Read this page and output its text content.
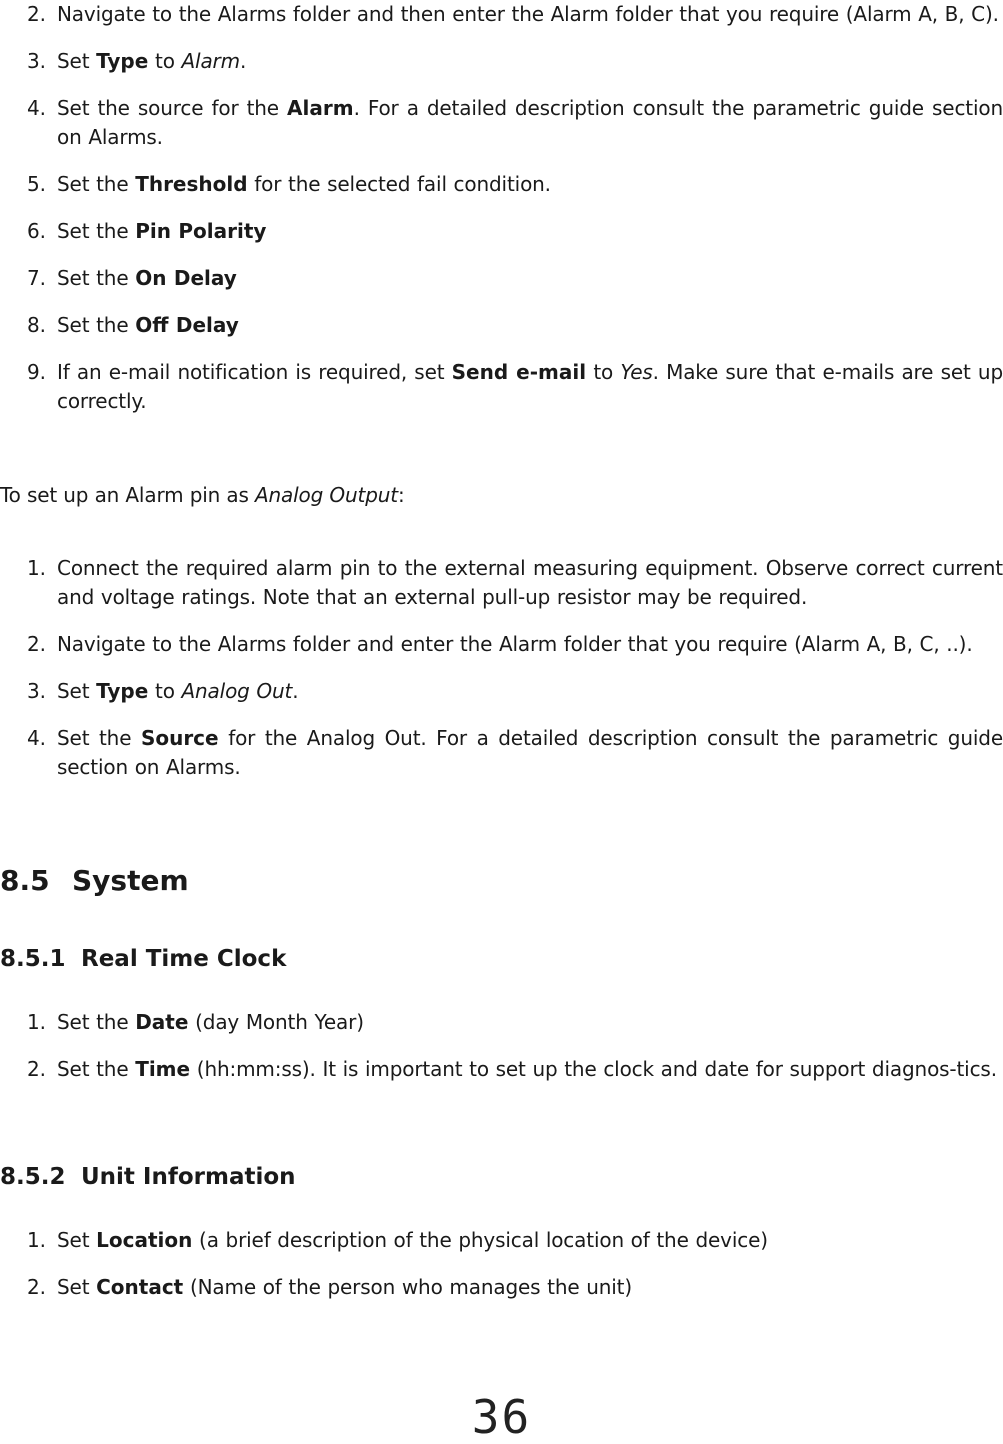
2. Navigate to the Alarms folder and then enter the Alarm folder that you require (Alarm A, B, C).
3. Set Type to Alarm.
4. Set the source for the Alarm. For a detailed description consult the parametric guide section on Alarms.
5. Set the Threshold for the selected fail condition.
6. Set the Pin Polarity
7. Set the On Delay
8. Set the Off Delay
9. If an e-mail notification is required, set Send e-mail to Yes. Make sure that e-mails are set up correctly.
To set up an Alarm pin as Analog Output:
1. Connect the required alarm pin to the external measuring equipment. Observe correct current and voltage ratings. Note that an external pull-up resistor may be required.
2. Navigate to the Alarms folder and enter the Alarm folder that you require (Alarm A, B, C, ..).
3. Set Type to Analog Out.
4. Set the Source for the Analog Out. For a detailed description consult the parametric guide section on Alarms.
8.5 System
8.5.1 Real Time Clock
1. Set the Date (day Month Year)
2. Set the Time (hh:mm:ss). It is important to set up the clock and date for support diagnos-tics.
8.5.2 Unit Information
1. Set Location (a brief description of the physical location of the device)
2. Set Contact (Name of the person who manages the unit)
36
